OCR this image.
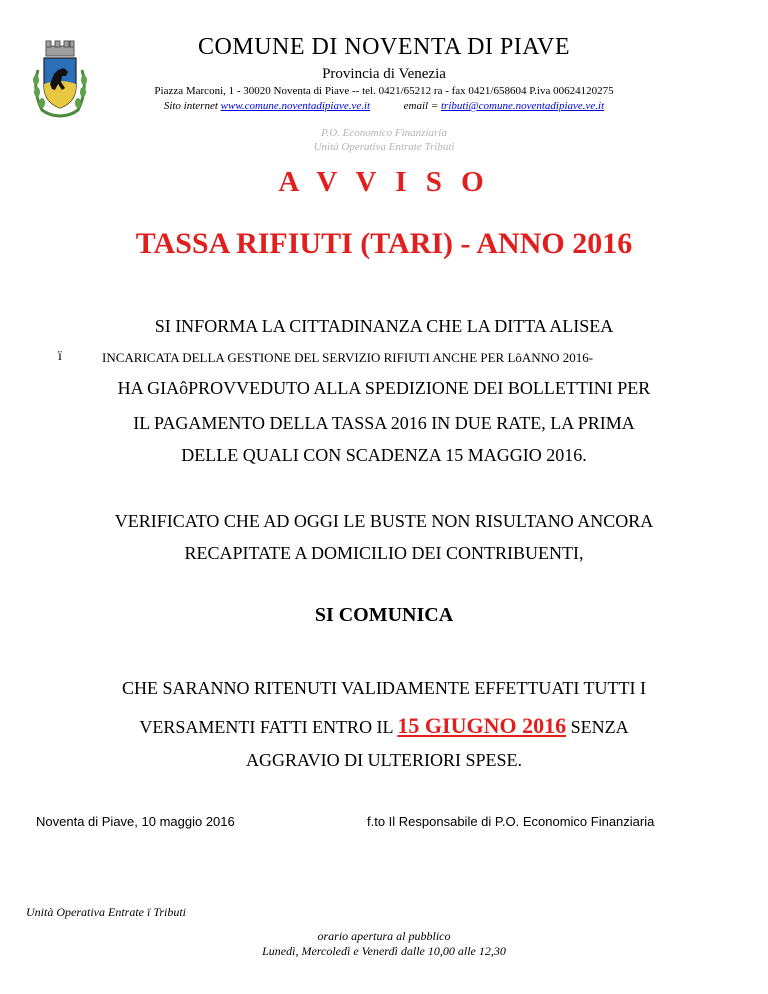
COMUNE DI NOVENTA DI PIAVE
Provincia di Venezia
Piazza Marconi, 1 - 30020 Noventa di Piave -- tel. 0421/65212 ra - fax 0421/658604 P.iva 00624120275
Sito internet www.comune.noventadipiave.ve.it	email = tributi@comune.noventadipiave.ve.it
P.O. Economico Finanziaria
Unità Operativa Entrate Tributi
A V V I S O
TASSA RIFIUTI (TARI) - ANNO 2016
SI INFORMA LA CITTADINANZA CHE LA DITTA ALISEA
ï	INCARICATA DELLA GESTIONE DEL SERVIZIO RIFIUTI ANCHE PER LôANNO 2016-
HA GIAôPROVVEDUTO ALLA SPEDIZIONE DEI BOLLETTINI PER
IL PAGAMENTO DELLA TASSA 2016 IN DUE RATE, LA PRIMA
DELLE QUALI CON SCADENZA 15 MAGGIO 2016.
VERIFICATO CHE AD OGGI LE BUSTE NON RISULTANO ANCORA
RECAPITATE A DOMICILIO DEI CONTRIBUENTI,
SI COMUNICA
CHE SARANNO RITENUTI VALIDAMENTE EFFETTUATI TUTTI I
VERSAMENTI FATTI ENTRO IL 15 GIUGNO 2016 SENZA
AGGRAVIO DI ULTERIORI SPESE.
Noventa di Piave, 10 maggio 2016	f.to Il Responsabile di P.O. Economico Finanziaria
Unità Operativa Entrate ï Tributi
orario apertura al pubblico
Lunedì, Mercoledì e Venerdì dalle 10,00 alle 12,30
